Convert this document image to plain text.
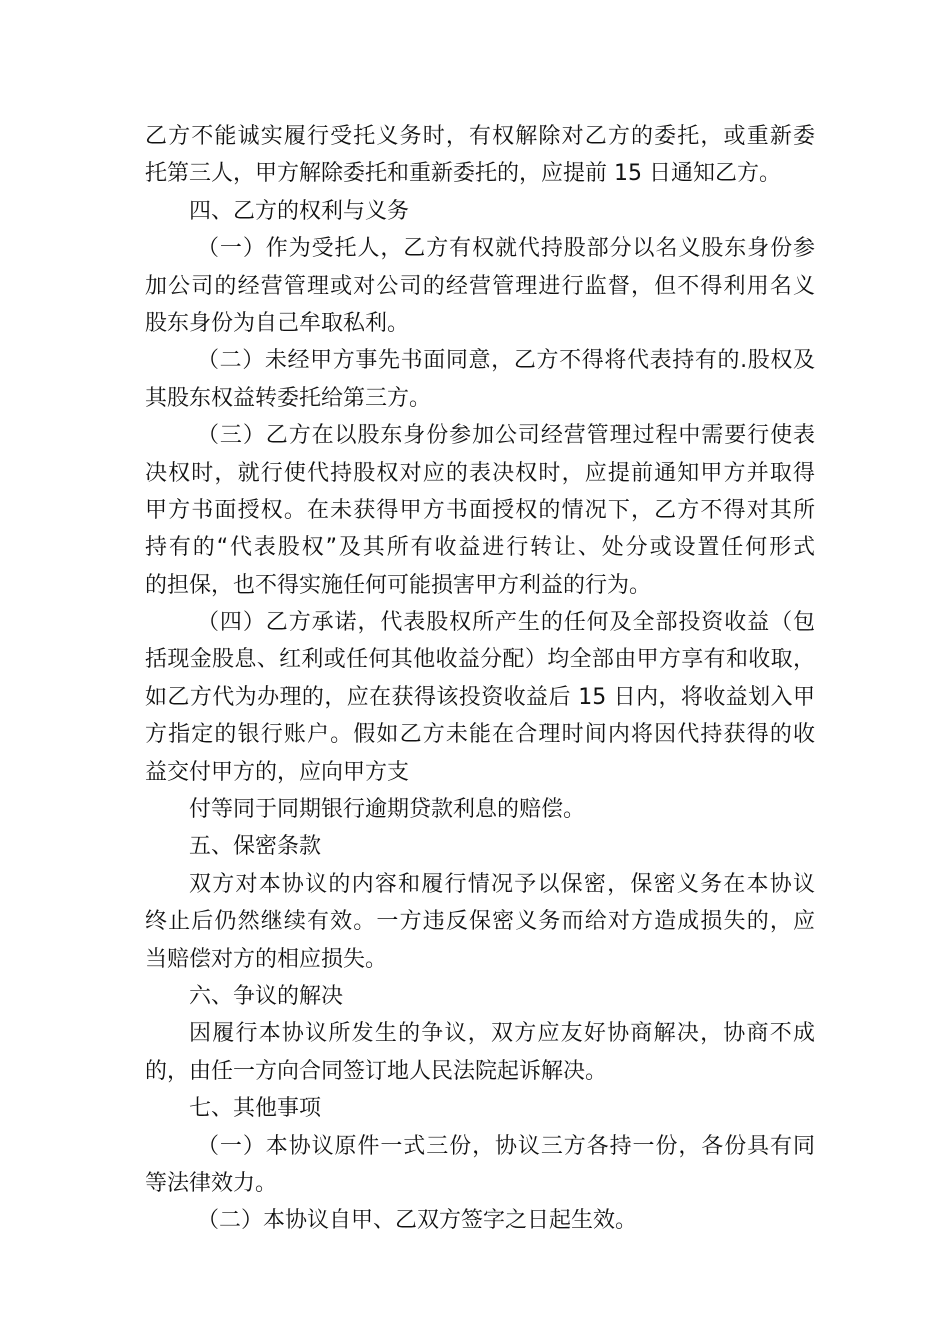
乙方不能诚实履行受托义务时，有权解除对乙方的委托，或重新委
托第三人，甲方解除委托和重新委托的，应提前 15 日通知乙方。
四、乙方的权利与义务
（一）作为受托人，乙方有权就代持股部分以名义股东身份参
加公司的经营管理或对公司的经营管理进行监督，但不得利用名义
股东身份为自己牟取私利。
（二）未经甲方事先书面同意，乙方不得将代表持有的.股权及
其股东权益转委托给第三方。
（三）乙方在以股东身份参加公司经营管理过程中需要行使表
决权时，就行使代持股权对应的表决权时，应提前通知甲方并取得
甲方书面授权。在未获得甲方书面授权的情况下，乙方不得对其所
持有的“代表股权”及其所有收益进行转让、处分或设置任何形式
的担保，也不得实施任何可能损害甲方利益的行为。
（四）乙方承诺，代表股权所产生的任何及全部投资收益（包
括现金股息、红利或任何其他收益分配）均全部由甲方享有和收取，
如乙方代为办理的，应在获得该投资收益后 15 日内，将收益划入甲
方指定的银行账户。假如乙方未能在合理时间内将因代持获得的收
益交付甲方的，应向甲方支
付等同于同期银行逾期贷款利息的赔偿。
五、保密条款
双方对本协议的内容和履行情况予以保密，保密义务在本协议
终止后仍然继续有效。一方违反保密义务而给对方造成损失的，应
当赔偿对方的相应损失。
六、争议的解决
因履行本协议所发生的争议，双方应友好协商解决，协商不成
的，由任一方向合同签订地人民法院起诉解决。
七、其他事项
（一）本协议原件一式三份，协议三方各持一份，各份具有同
等法律效力。
（二）本协议自甲、乙双方签字之日起生效。
